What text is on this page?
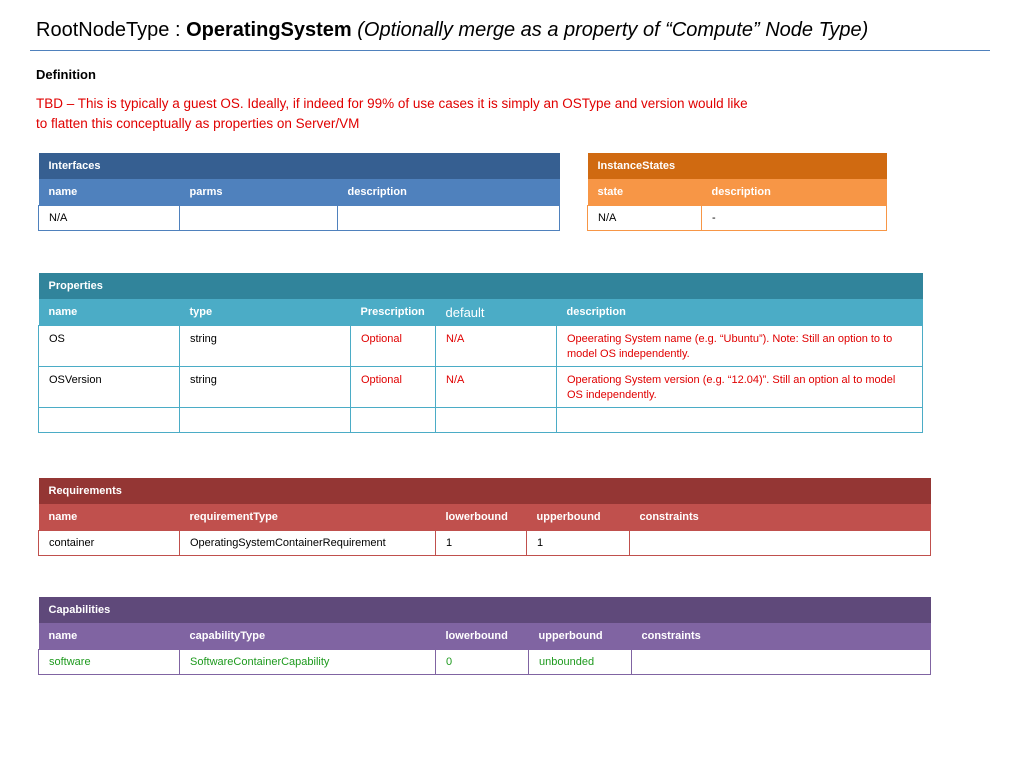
RootNodeType : OperatingSystem (Optionally merge as a property of “Compute” Node Type)
Definition
TBD – This is typically a guest OS. Ideally, if indeed for 99% of use cases it is simply an OSType and version would like to flatten this conceptually as properties on Server/VM
Interfaces		
name	parms	description
N/A		
InstanceStates	
state	description
N/A	-
Properties				
name	type	Prescription	default	description
OS	string	Optional	N/A	Opeerating System name (e.g. “Ubuntu”). Note: Still an option to to model OS independently.
OSVersion	string	Optional	N/A	Operationg System version (e.g. “12.04)”. Still an option al to model OS independently.

Requirements				
name	requirementType	lowerbound	upperbound	constraints
container	OperatingSystemContainerRequirement	1	1	
Capabilities				
name	capabilityType	lowerbound	upperbound	constraints
software	SoftwareContainerCapability	0	unbounded	
